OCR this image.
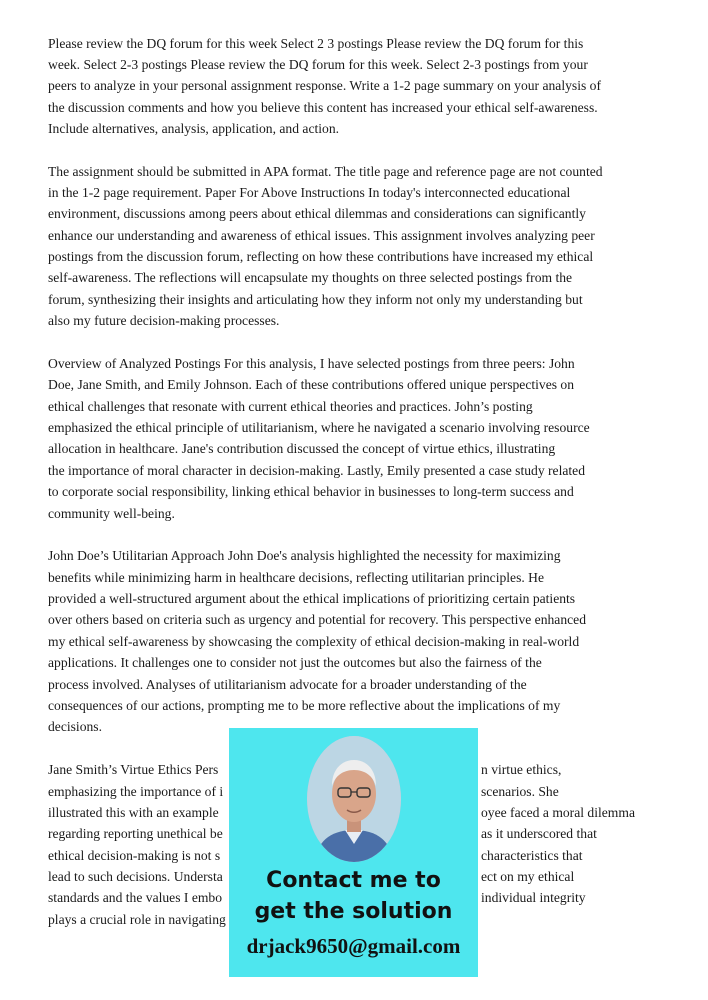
Please review the DQ forum for this week Select 2 3 postings Please review the DQ forum for this
week. Select 2-3 postings Please review the DQ forum for this week. Select 2-3 postings from your
peers to analyze in your personal assignment response. Write a 1-2 page summary on your analysis of
the discussion comments and how you believe this content has increased your ethical self-awareness.
Include alternatives, analysis, application, and action.
The assignment should be submitted in APA format. The title page and reference page are not counted
in the 1-2 page requirement. Paper For Above Instructions In today's interconnected educational
environment, discussions among peers about ethical dilemmas and considerations can significantly
enhance our understanding and awareness of ethical issues. This assignment involves analyzing peer
postings from the discussion forum, reflecting on how these contributions have increased my ethical
self-awareness. The reflections will encapsulate my thoughts on three selected postings from the
forum, synthesizing their insights and articulating how they inform not only my understanding but
also my future decision-making processes.
Overview of Analyzed Postings For this analysis, I have selected postings from three peers: John
Doe, Jane Smith, and Emily Johnson. Each of these contributions offered unique perspectives on
ethical challenges that resonate with current ethical theories and practices. John’s posting
emphasized the ethical principle of utilitarianism, where he navigated a scenario involving resource
allocation in healthcare. Jane's contribution discussed the concept of virtue ethics, illustrating
the importance of moral character in decision-making. Lastly, Emily presented a case study related
to corporate social responsibility, linking ethical behavior in businesses to long-term success and
community well-being.
John Doe’s Utilitarian Approach John Doe's analysis highlighted the necessity for maximizing
benefits while minimizing harm in healthcare decisions, reflecting utilitarian principles. He
provided a well-structured argument about the ethical implications of prioritizing certain patients
over others based on criteria such as urgency and potential for recovery. This perspective enhanced
my ethical self-awareness by showcasing the complexity of ethical decision-making in real-world
applications. It challenges one to consider not just the outcomes but also the fairness of the
process involved. Analyses of utilitarianism advocate for a broader understanding of the
consequences of our actions, prompting me to be more reflective about the implications of my
decisions.
Jane Smith’s Virtue Ethics Pers	n virtue ethics,
emphasizing the importance of i	scenarios. She
illustrated this with an example	oyee faced a moral dilemma
regarding reporting unethical be	as it underscored that
ethical decision-making is not s	characteristics that
lead to such decisions. Understa	ect on my ethical
standards and the values I embo	individual integrity
plays a crucial role in navigating
Contact me to
get the solution
drjack9650@gmail.com
